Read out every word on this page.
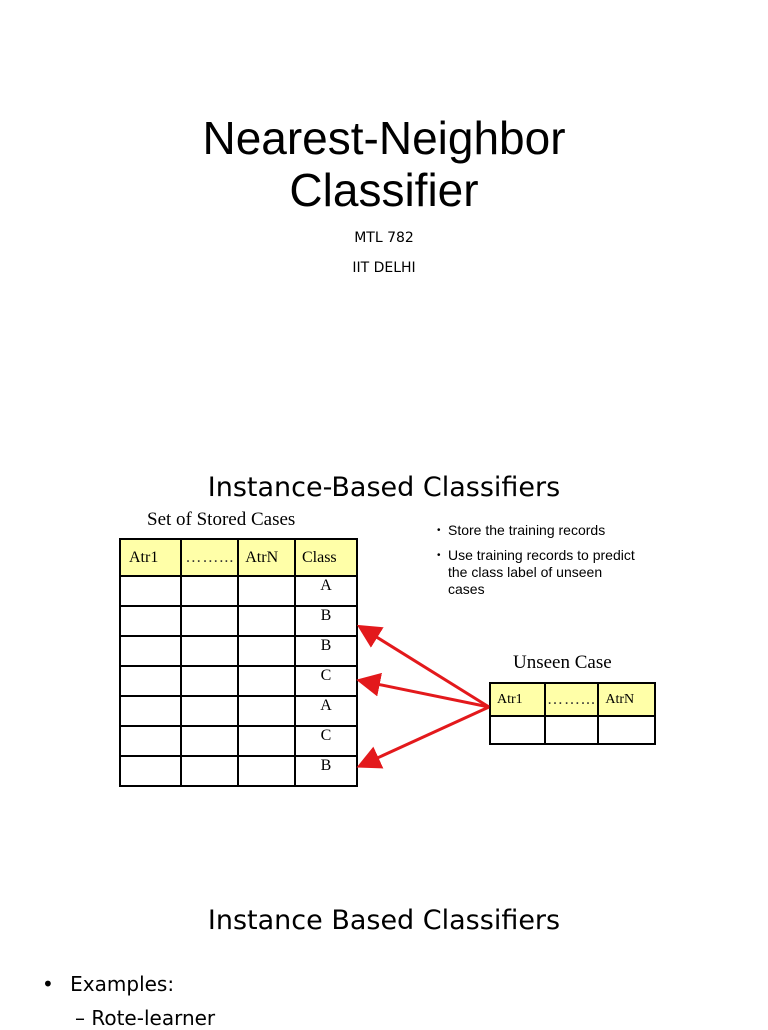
Nearest-Neighbor
Classifier
MTL 782
IIT DELHI
Instance-Based Classifiers
Set of Stored Cases
Atr1	……...	AtrN	Class
			A
			B
			B
			C
			A
			C
			B
• Store the training records
• Use training records to predict the class label of unseen cases
Unseen Case
Atr1	……...	AtrN

Instance Based Classifiers
• Examples:
– Rote-learner
